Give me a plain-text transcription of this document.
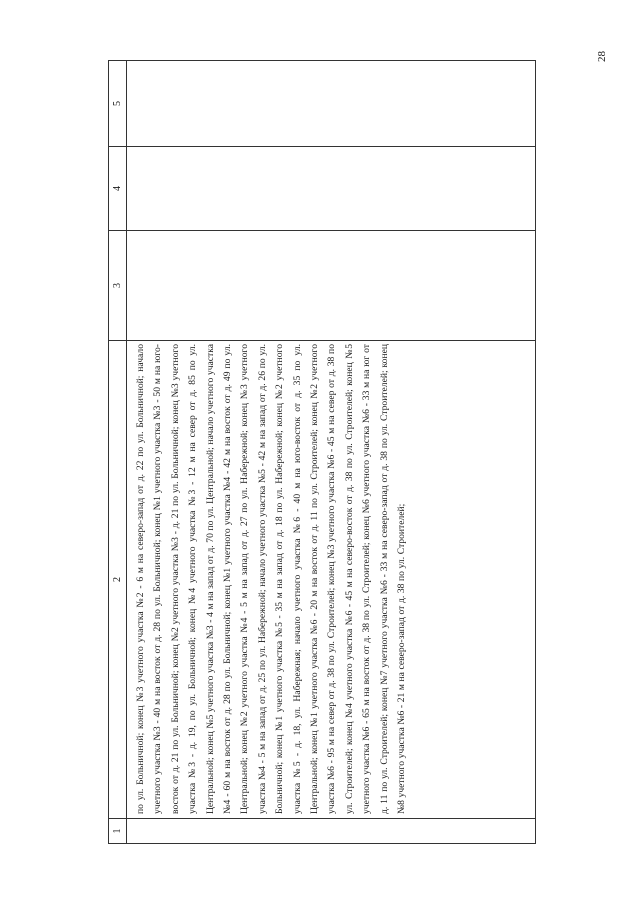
28
1	2	3	4	5

	по ул. Больничной; конец №3 учетного участка №2 - 6 м на северо-запад от д. 22 по ул. Больничной; начало учетного участка №3 - 40 м на восток от д. 28 по ул. Больничной; конец №1 учетного участка №3 - 50 м на юго-восток от д. 21 по ул. Больничной; конец №2 учетного участка №3 - д. 21 по ул. Больничной; конец №3 учетного участка №3 - д. 19, по ул. Больничной; конец №4 учетного участка №3 - 12 м на север от д. 85 по ул. Центральной; конец №5 учетного участка №3 - 4 м на запад от д. 70 по ул. Центральной; начало учетного участка №4 - 60 м на восток от д. 28 по ул. Больничной; конец №1 учетного участка №4 - 42 м на восток от д. 49 по ул. Центральной; конец №2 учетного участка №4 - 5 м на запад от д. 27 по ул. Набережной; конец №3 учетного участка №4 - 5 м на запад от д. 25 по ул. Набережной; начало учетного участка №5 - 42 м на запад от д. 26 по ул. Больничной; конец №1 учетного участка №5 - 35 м на запад от д. 18 по ул. Набережной; конец №2 учетного участка №5 - д. 18, ул. Набережная; начало учетного участка №6 - 40 м на юго-восток от д. 35 по ул. Центральной; конец №1 учетного участка №6 - 20 м на восток от д. 11 по ул. Строителей; конец №2 учетного участка №6 - 95 м на север от д. 38 по ул. Строителей; конец №3 учетного участка №6 - 45 м на север от д. 38 по ул. Строителей; конец №4 учетного участка №6 - 45 м на северо-восток от д. 38 по ул. Строителей; конец №5 учетного участка №6 - 65 м на восток от д. 38 по ул. Строителей; конец №6 учетного участка №6 - 33 м на юг от д. 11 по ул. Строителей; конец №7 учетного участка №6 - 33 м на северо-запад от д. 38 по ул. Строителей; конец №8 учетного участка №6 - 21 м на северо-запад от д. 38 по ул. Строителей;			
